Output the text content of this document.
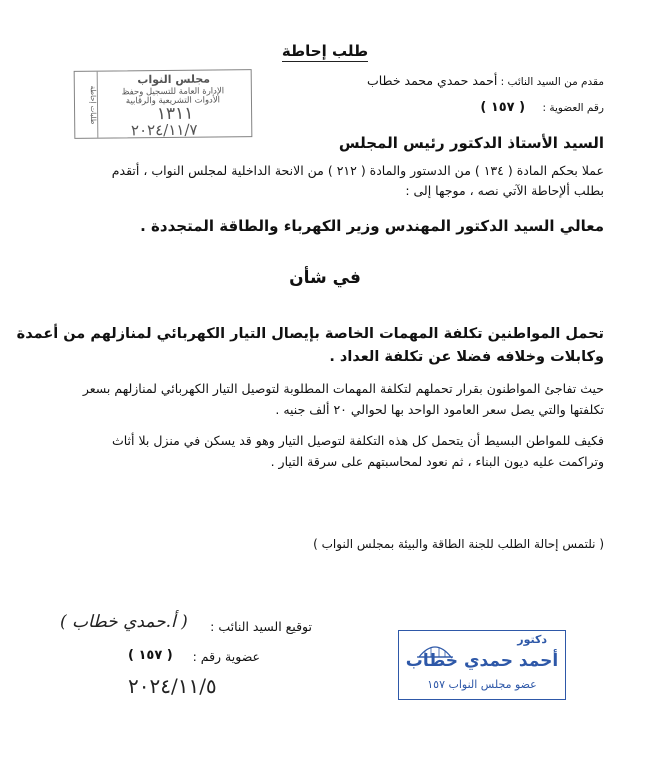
طلب إحاطة
مقدم من السيد النائب : أحمد حمدي محمد خطاب
رقم العضوية : ( ١٥٧ )
طلبات إحاطة
مجلس النواب
الإدارة العامة للتسجيل وحفظ
الأدوات التشريعية والرقابية
١٣١١
٢٠٢٤/١١/٧
السيد الأستاذ الدكتور رئيس المجلس
عملا بحكم المادة ( ١٣٤ ) من الدستور والمادة ( ٢١٢ ) من الانحة الداخلية لمجلس النواب ، أتقدم
بطلب ألإحاطة الآتي نصه ، موجها إلى :
معالي السيد الدكتور المهندس وزير الكهرباء والطاقة المتجددة .
في شأن
تحمل المواطنين تكلفة المهمات الخاصة بإيصال التيار الكهربائي لمنازلهم من أعمدة
وكابلات وخلافه فضلا عن تكلفة العداد .
حيث تفاجئ المواطنون بقرار تحملهم لتكلفة المهمات المطلوبة لتوصيل التيار الكهربائي لمنازلهم بسعر
تكلفتها والتي يصل سعر العامود الواحد بها لحوالي ٢٠ ألف جنيه .
فكيف للمواطن البسيط أن يتحمل كل هذه التكلفة لتوصيل التيار وهو قد يسكن في منزل بلا أثاث
وتراكمت عليه ديون البناء ، ثم نعود لمحاسبتهم على سرقة التيار .
( نلتمس إحالة الطلب للجنة الطاقة والبيئة بمجلس النواب )
توقيع السيد النائب :
( أ.حمدي خطاب )
عضوية رقم :
( ١٥٧ )
٢٠٢٤/١١/٥
دكتور
أحمد حمدي خطاب
عضو مجلس النواب ١٥٧
